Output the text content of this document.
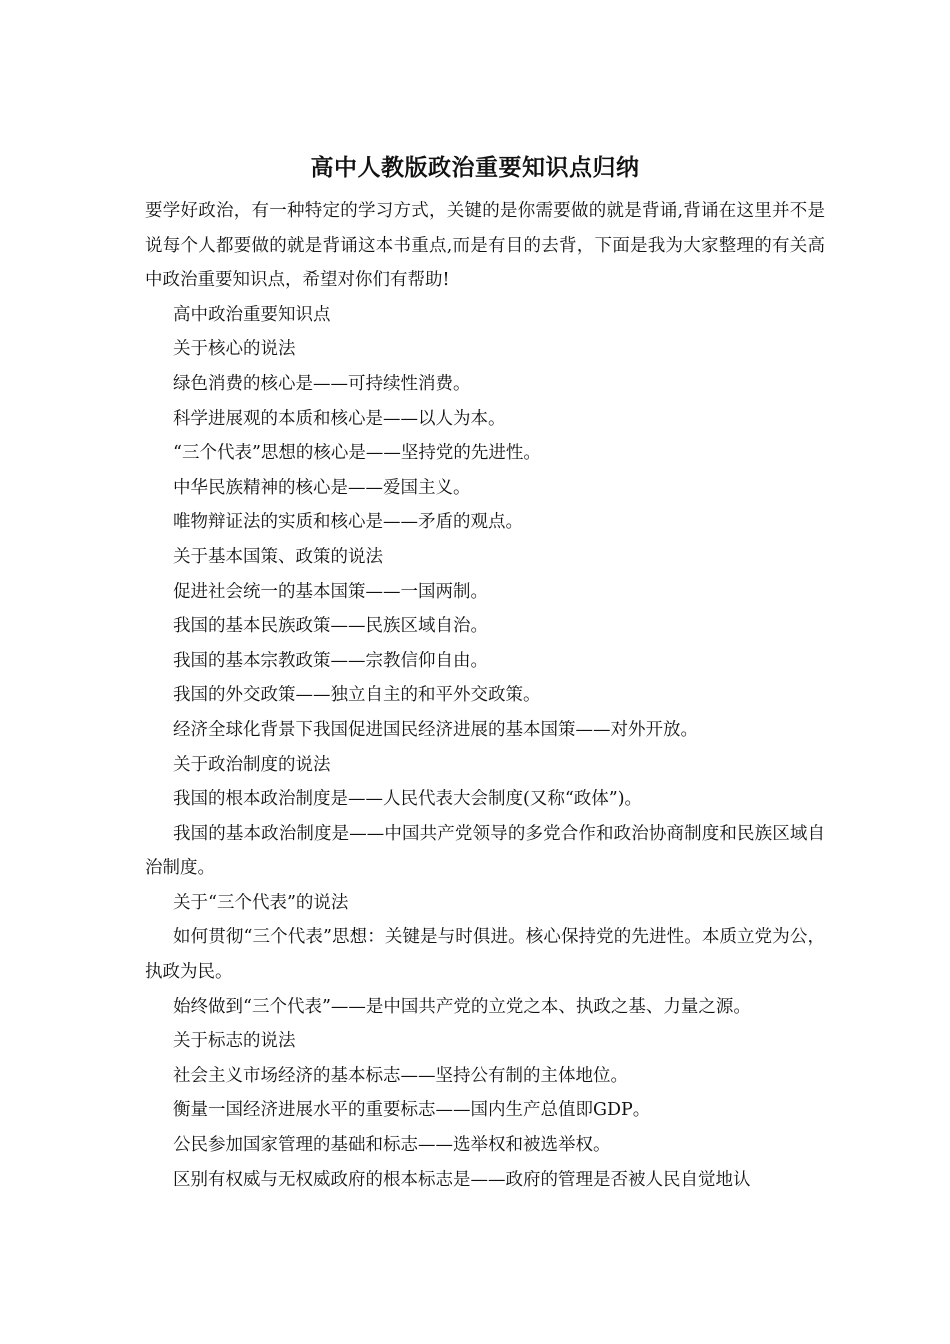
高中人教版政治重要知识点归纳

要学好政治，有一种特定的学习方式，关键的是你需要做的就是背诵,背诵在这里并不是说每个人都要做的就是背诵这本书重点,而是有目的去背，下面是我为大家整理的有关高中政治重要知识点，希望对你们有帮助!

高中政治重要知识点

关于核心的说法

绿色消费的核心是——可持续性消费。

科学进展观的本质和核心是——以人为本。

“三个代表”思想的核心是——坚持党的先进性。

中华民族精神的核心是——爱国主义。

唯物辩证法的实质和核心是——矛盾的观点。

关于基本国策、政策的说法

促进社会统一的基本国策——一国两制。

我国的基本民族政策——民族区域自治。

我国的基本宗教政策——宗教信仰自由。

我国的外交政策——独立自主的和平外交政策。

经济全球化背景下我国促进国民经济进展的基本国策——对外开放。

关于政治制度的说法

我国的根本政治制度是——人民代表大会制度(又称“政体”)。

我国的基本政治制度是——中国共产党领导的多党合作和政治协商制度和民族区域自治制度。

关于“三个代表”的说法

如何贯彻“三个代表”思想：关键是与时俱进。核心保持党的先进性。本质立党为公，执政为民。

始终做到“三个代表”——是中国共产党的立党之本、执政之基、力量之源。

关于标志的说法

社会主义市场经济的基本标志——坚持公有制的主体地位。

衡量一国经济进展水平的重要标志——国内生产总值即GDP。

公民参加国家管理的基础和标志——选举权和被选举权。

区别有权威与无权威政府的根本标志是——政府的管理是否被人民自觉地认
